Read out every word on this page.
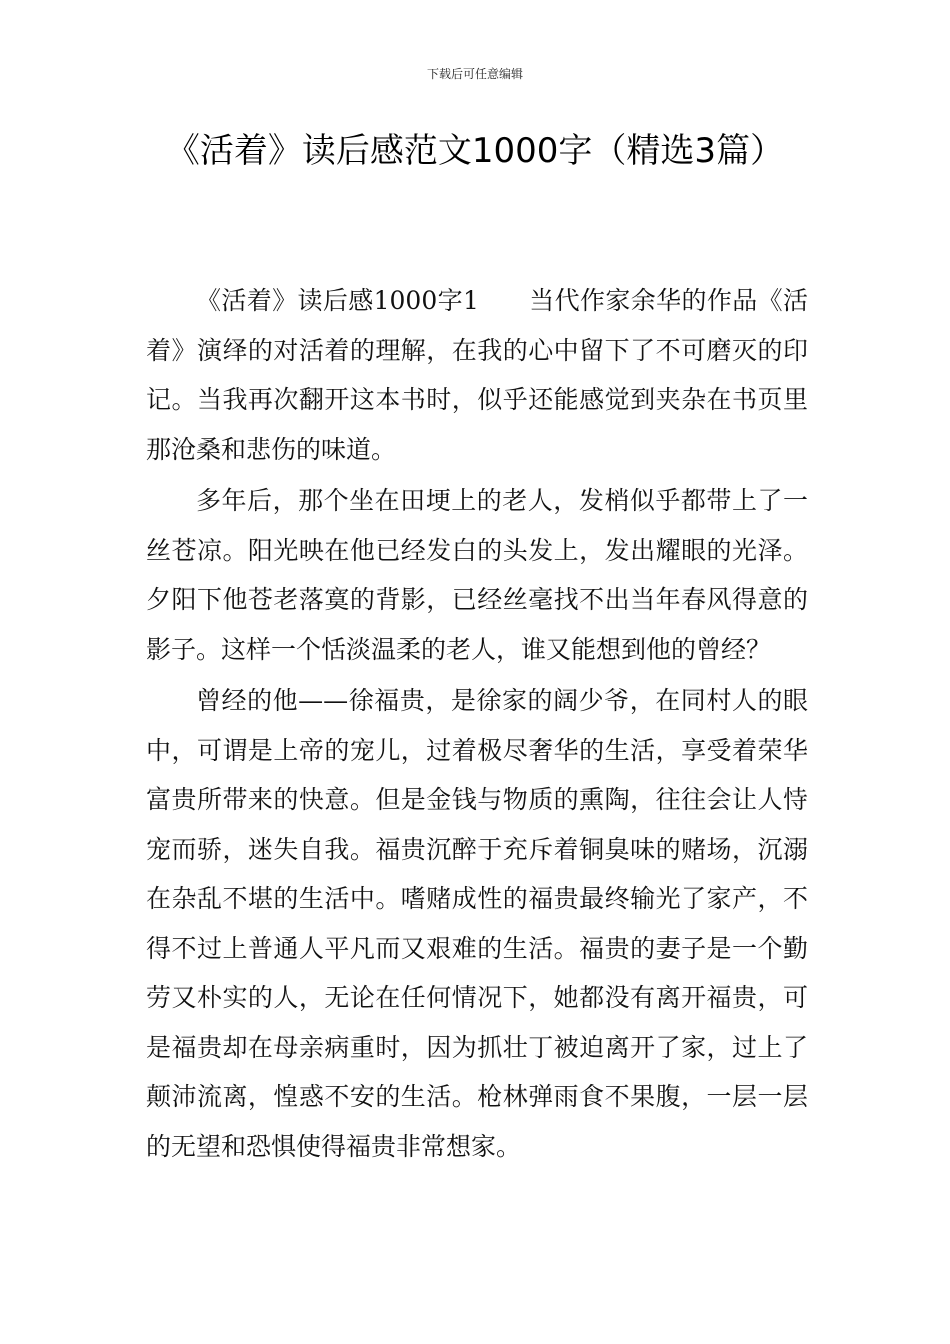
下载后可任意编辑
《活着》读后感范文1000字（精选3篇）

《活着》读后感1000字1 当代作家余华的作品《活着》演绎的对活着的理解，在我的心中留下了不可磨灭的印记。当我再次翻开这本书时，似乎还能感觉到夹杂在书页里那沧桑和悲伤的味道。

多年后，那个坐在田埂上的老人，发梢似乎都带上了一丝苍凉。阳光映在他已经发白的头发上，发出耀眼的光泽。夕阳下他苍老落寞的背影，已经丝毫找不出当年春风得意的影子。这样一个恬淡温柔的老人，谁又能想到他的曾经？

曾经的他——徐福贵，是徐家的阔少爷，在同村人的眼中，可谓是上帝的宠儿，过着极尽奢华的生活，享受着荣华富贵所带来的快意。但是金钱与物质的熏陶，往往会让人恃宠而骄，迷失自我。福贵沉醉于充斥着铜臭味的赌场，沉溺在杂乱不堪的生活中。嗜赌成性的福贵最终输光了家产，不得不过上普通人平凡而又艰难的生活。福贵的妻子是一个勤劳又朴实的人，无论在任何情况下，她都没有离开福贵，可是福贵却在母亲病重时，因为抓壮丁被迫离开了家，过上了颠沛流离，惶惑不安的生活。枪林弹雨食不果腹，一层一层的无望和恐惧使得福贵非常想家。
